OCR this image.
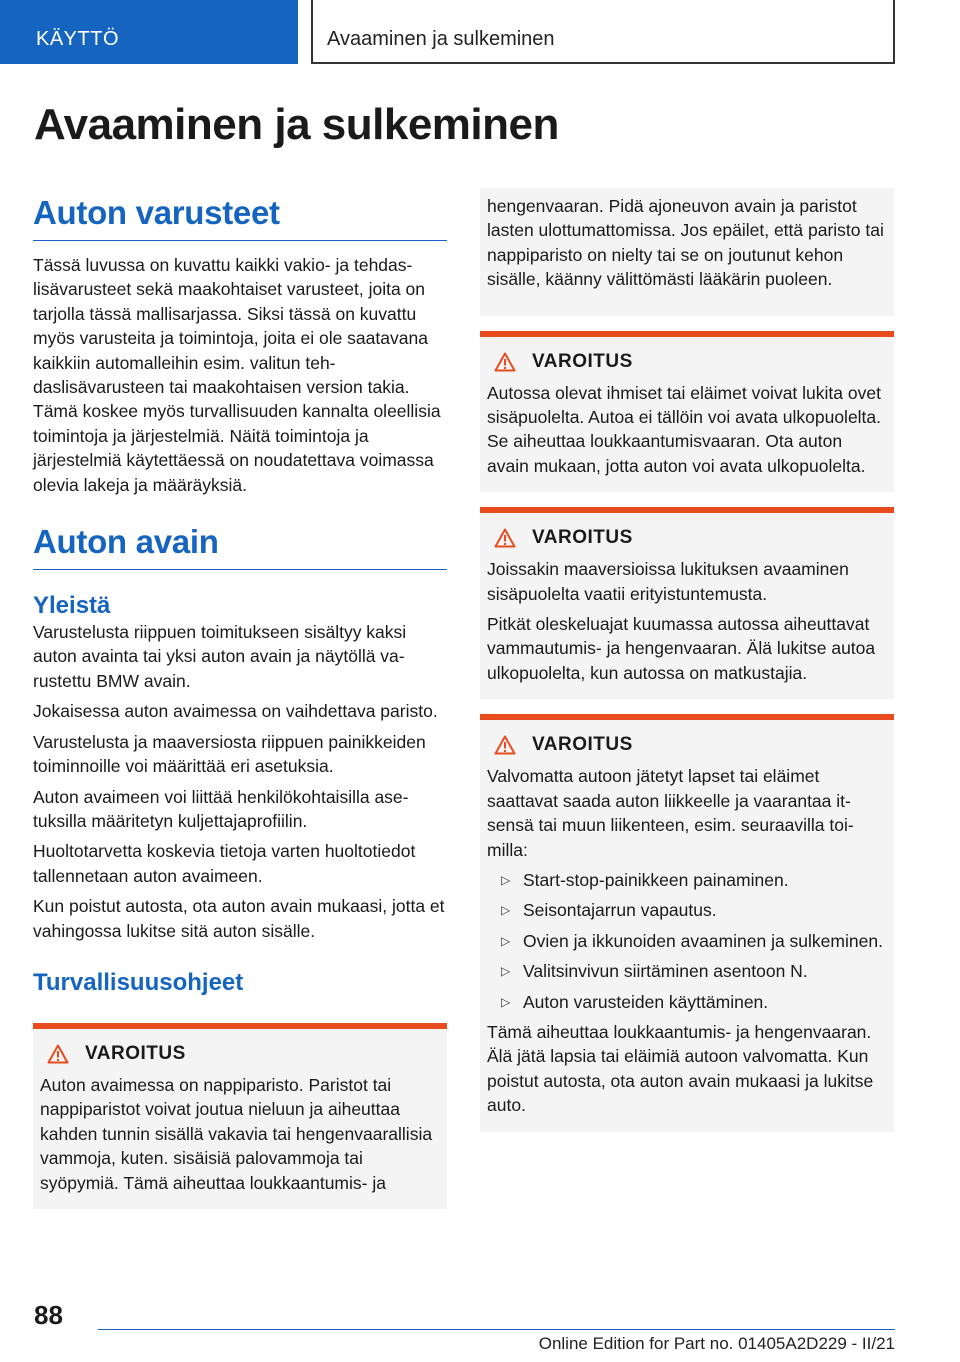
KÄYTTÖ	Avaaminen ja sulkeminen
Avaaminen ja sulkeminen
Auton varusteet

Tässä luvussa on kuvattu kaikki vakio- ja tehdaslisävarusteet sekä maakohtaiset varusteet, joita on tarjolla tässä mallisarjassa. Siksi tässä on kuvattu myös varusteita ja toimintoja, joita ei ole saatavana kaikkiin automalleihin esim. valitun tehdaslisävarusteen tai maakohtaisen version takia. Tämä koskee myös turvallisuuden kannalta oleellisia toimintoja ja järjestelmiä. Näitä toimintoja ja järjestelmiä käytettäessä on noudatettava voimassa olevia lakeja ja määräyksiä.

Auton avain
Yleistä

Varustelusta riippuen toimitukseen sisältyy kaksi auton avainta tai yksi auton avain ja näytöllä varustettu BMW avain.

Jokaisessa auton avaimessa on vaihdettava paristo.

Varustelusta ja maaversiosta riippuen painikkeiden toiminnoille voi määrittää eri asetuksia.

Auton avaimeen voi liittää henkilökohtaisilla asetuksilla määritetyn kuljettajaprofiilin.

Huoltotarvetta koskevia tietoja varten huoltotiedot tallennetaan auton avaimeen.

Kun poistut autosta, ota auton avain mukaasi, jotta et vahingossa lukitse sitä auton sisälle.

Turvallisuusohjeet
VAROITUS

Auton avaimessa on nappiparisto. Paristot tai nappiparistot voivat joutua nieluun ja aiheuttaa kahden tunnin sisällä vakavia tai hengenvaarallisia vammoja, kuten. sisäisiä palovammoja tai syöpymiä. Tämä aiheuttaa loukkaantumis- ja

hengenvaaran. Pidä ajoneuvon avain ja paristot lasten ulottumattomissa. Jos epäilet, että paristo tai nappiparisto on nielty tai se on joutunut kehon sisälle, käänny välittömästi lääkärin puoleen.

VAROITUS

Autossa olevat ihmiset tai eläimet voivat lukita ovet sisäpuolelta. Autoa ei tällöin voi avata ulkopuolelta. Se aiheuttaa loukkaantumisvaaran. Ota auton avain mukaan, jotta auton voi avata ulkopuolelta.

VAROITUS

Joissakin maaversioissa lukituksen avaaminen sisäpuolelta vaatii erityistuntemusta.

Pitkät oleskeluajat kuumassa autossa aiheuttavat vammautumis- ja hengenvaaran. Älä lukitse autoa ulkopuolelta, kun autossa on matkustajia.

VAROITUS

Valvomatta autoon jätetyt lapset tai eläimet saattavat saada auton liikkeelle ja vaarantaa itsensä tai muun liikenteen, esim. seuraavilla toimilla:

▷ Start-stop-painikkeen painaminen.
▷ Seisontajarrun vapautus.
▷ Ovien ja ikkunoiden avaaminen ja sulkeminen.
▷ Valitsinvivun siirtäminen asentoon N.
▷ Auton varusteiden käyttäminen.

Tämä aiheuttaa loukkaantumis- ja hengenvaaran. Älä jätä lapsia tai eläimiä autoon valvomatta. Kun poistut autosta, ota auton avain mukaasi ja lukitse auto.

88
Online Edition for Part no. 01405A2D229 - II/21
